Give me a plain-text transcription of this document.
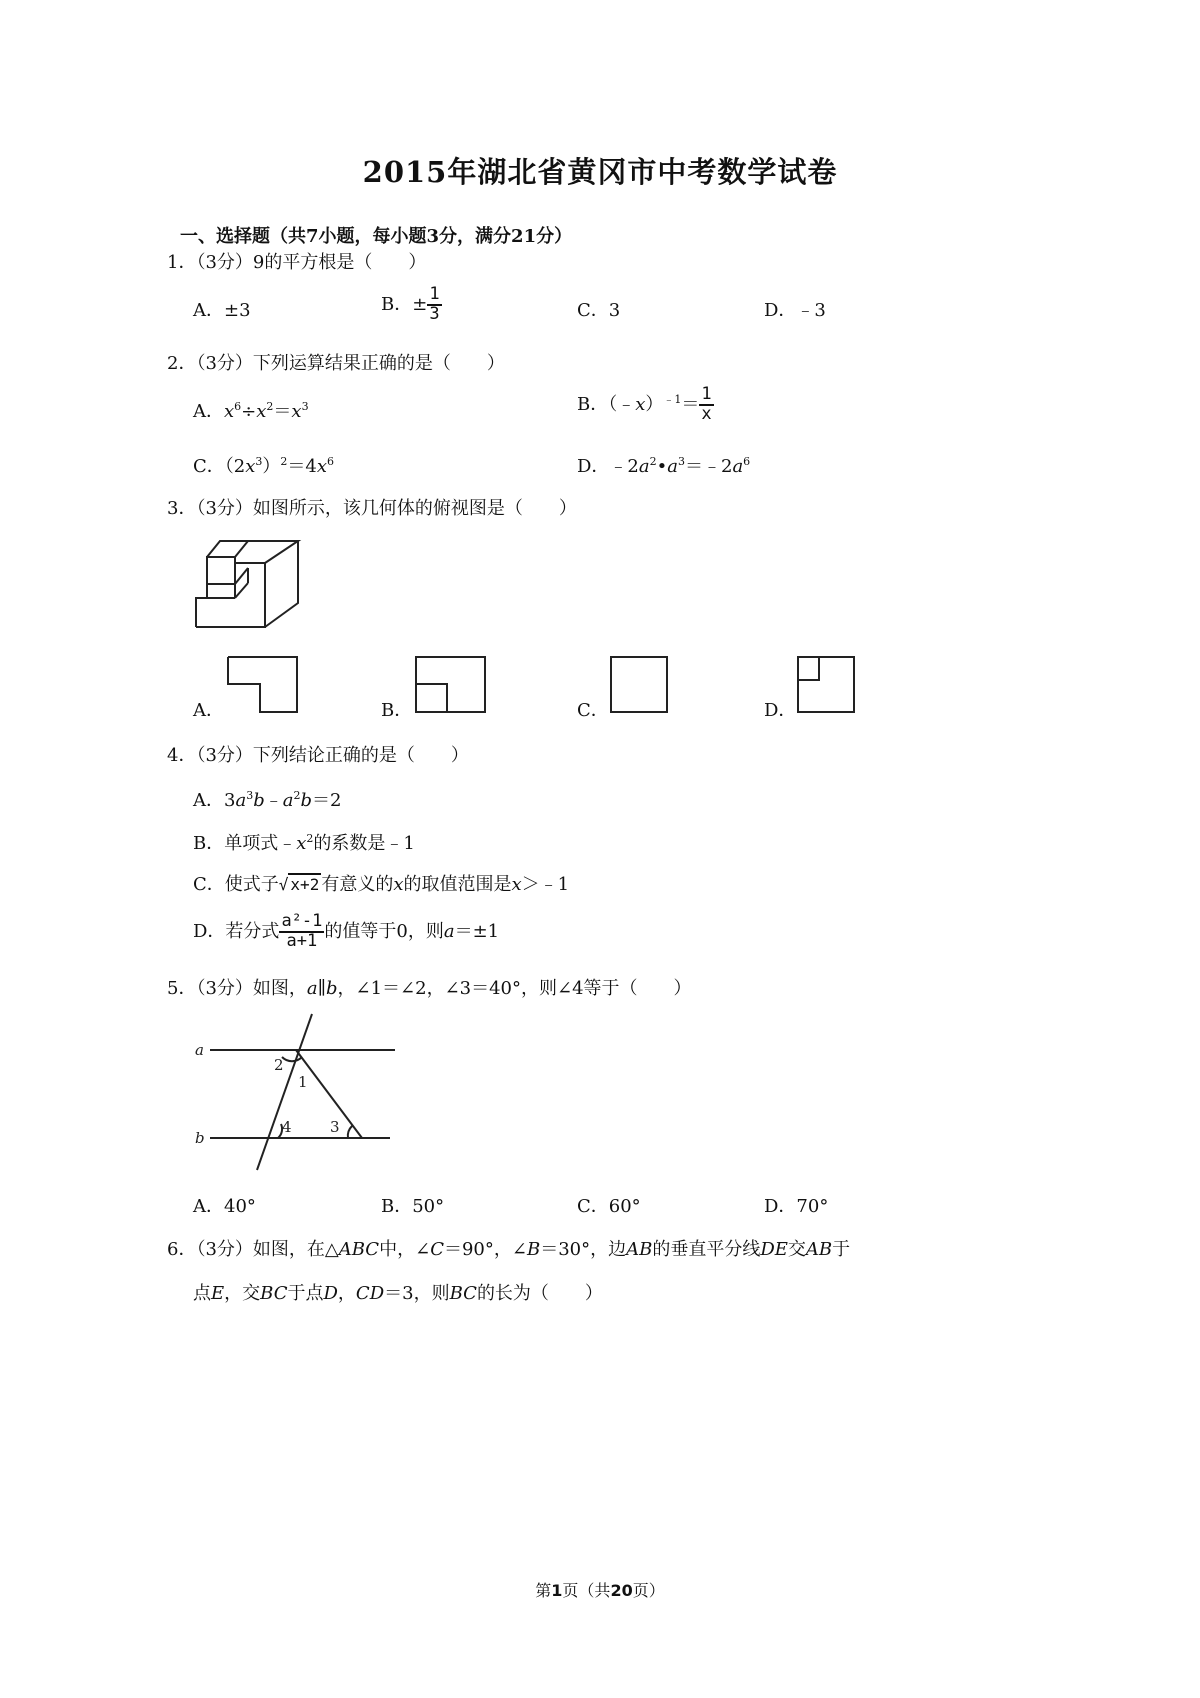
2015年湖北省黄冈市中考数学试卷
一、选择题（共7小题，每小题3分，满分21分）
1．（3分）9的平方根是（　　）
A．±3	B．± $\frac{1}{3}$	C．3	D．﹣3
2．（3分）下列运算结果正确的是（　　）
A．$x^6\div x^2=x^3$	B．（﹣x）$^{﹣1}$＝ $\frac{1}{x}$
C．$(2x^3)^2=4x^6$	D．$﹣2a^2•a^3=﹣2a^6$
3．（3分）如图所示，该几何体的俯视图是（　　）
A．	B．	C．	D．
4．（3分）下列结论正确的是（　　）
A．$3a^3b﹣a^2b=2$
B．单项式$﹣x^2$的系数是﹣1
C．使式子√ x+2 有意义的x的取值范围是x＞﹣1
D．若分式 $\frac{\text{a²-1}}{a+1}$ 的值等于0，则a＝±1
5．（3分）如图，a∥b，∠1＝∠2，∠3＝40°，则∠4等于（　　）
a
b
1
2
3
4
A．40°	B．50°	C．60°	D．70°
6．（3分）如图，在△ABC中，∠C＝90°，∠B＝30°，边AB的垂直平分线DE交AB于
点E，交BC于点D，CD＝3，则BC的长为（　　）
第1页（共20页）
